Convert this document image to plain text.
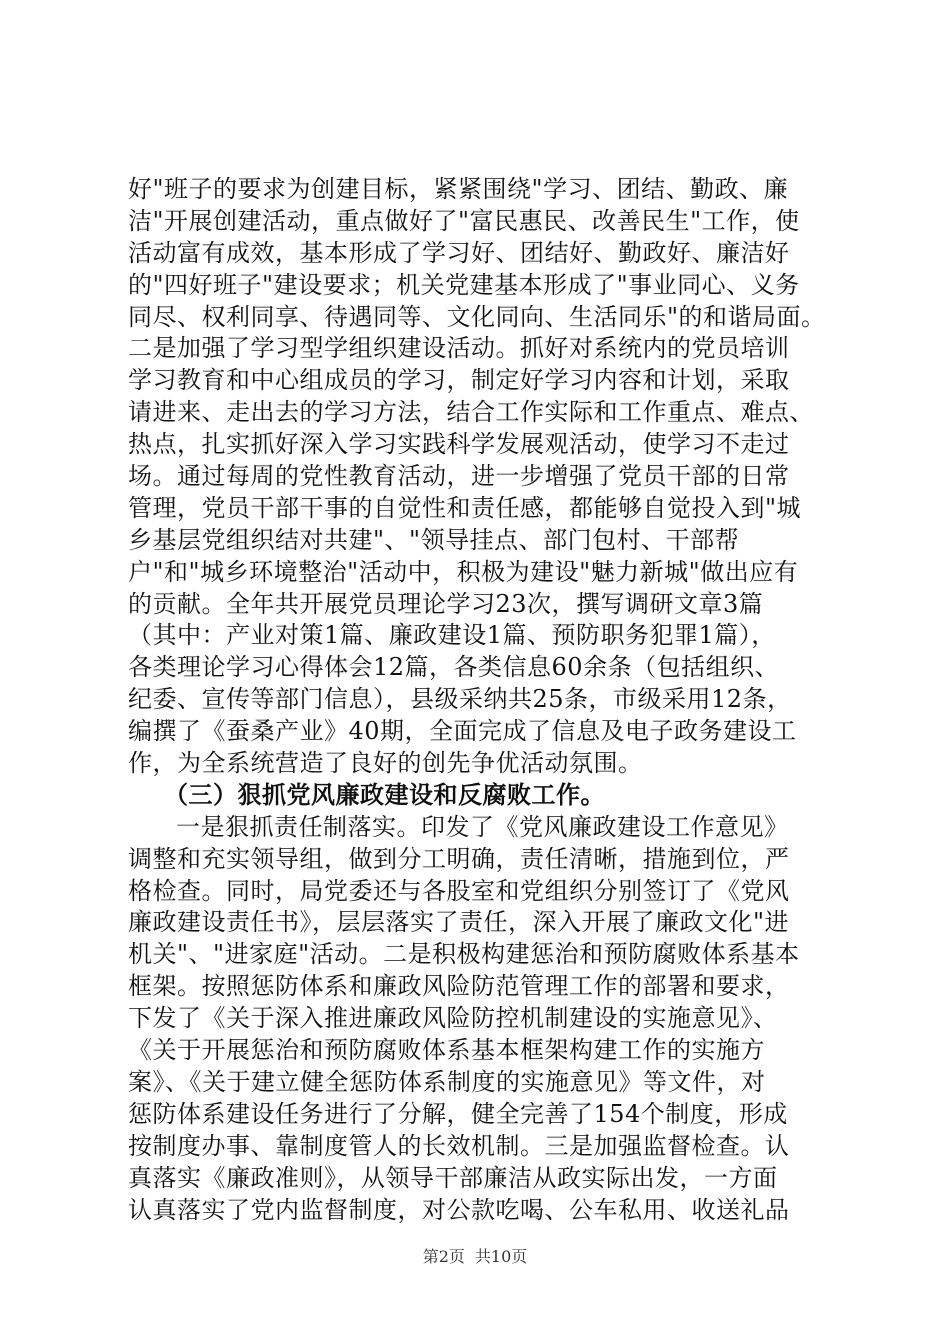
好"班子的要求为创建目标，紧紧围绕"学习、团结、勤政、廉
洁"开展创建活动，重点做好了"富民惠民、改善民生"工作，使
活动富有成效，基本形成了学习好、团结好、勤政好、廉洁好
的"四好班子"建设要求；机关党建基本形成了"事业同心、义务
同尽、权利同享、待遇同等、文化同向、生活同乐"的和谐局面。
二是加强了学习型学组织建设活动。抓好对系统内的党员培训
学习教育和中心组成员的学习，制定好学习内容和计划，采取
请进来、走出去的学习方法，结合工作实际和工作重点、难点、
热点，扎实抓好深入学习实践科学发展观活动，使学习不走过
场。通过每周的党性教育活动，进一步增强了党员干部的日常
管理，党员干部干事的自觉性和责任感，都能够自觉投入到"城
乡基层党组织结对共建"、"领导挂点、部门包村、干部帮
户"和"城乡环境整治"活动中，积极为建设"魅力新城"做出应有
的贡献。全年共开展党员理论学习23次，撰写调研文章3篇
（其中：产业对策1篇、廉政建设1篇、预防职务犯罪1篇），
各类理论学习心得体会12篇，各类信息60余条（包括组织、
纪委、宣传等部门信息），县级采纳共25条，市级采用12条，
编撰了《蚕桑产业》40期，全面完成了信息及电子政务建设工
作，为全系统营造了良好的创先争优活动氛围。
（三）狠抓党风廉政建设和反腐败工作。
一是狠抓责任制落实。印发了《党风廉政建设工作意见》
调整和充实领导组，做到分工明确，责任清晰，措施到位，严
格检查。同时，局党委还与各股室和党组织分别签订了《党风
廉政建设责任书》，层层落实了责任，深入开展了廉政文化"进
机关"、"进家庭"活动。二是积极构建惩治和预防腐败体系基本
框架。按照惩防体系和廉政风险防范管理工作的部署和要求，
下发了《关于深入推进廉政风险防控机制建设的实施意见》、
《关于开展惩治和预防腐败体系基本框架构建工作的实施方
案》、《关于建立健全惩防体系制度的实施意见》等文件，对
惩防体系建设任务进行了分解，健全完善了154个制度，形成
按制度办事、靠制度管人的长效机制。三是加强监督检查。认
真落实《廉政准则》，从领导干部廉洁从政实际出发，一方面
认真落实了党内监督制度，对公款吃喝、公车私用、收送礼品
第2页 共10页
